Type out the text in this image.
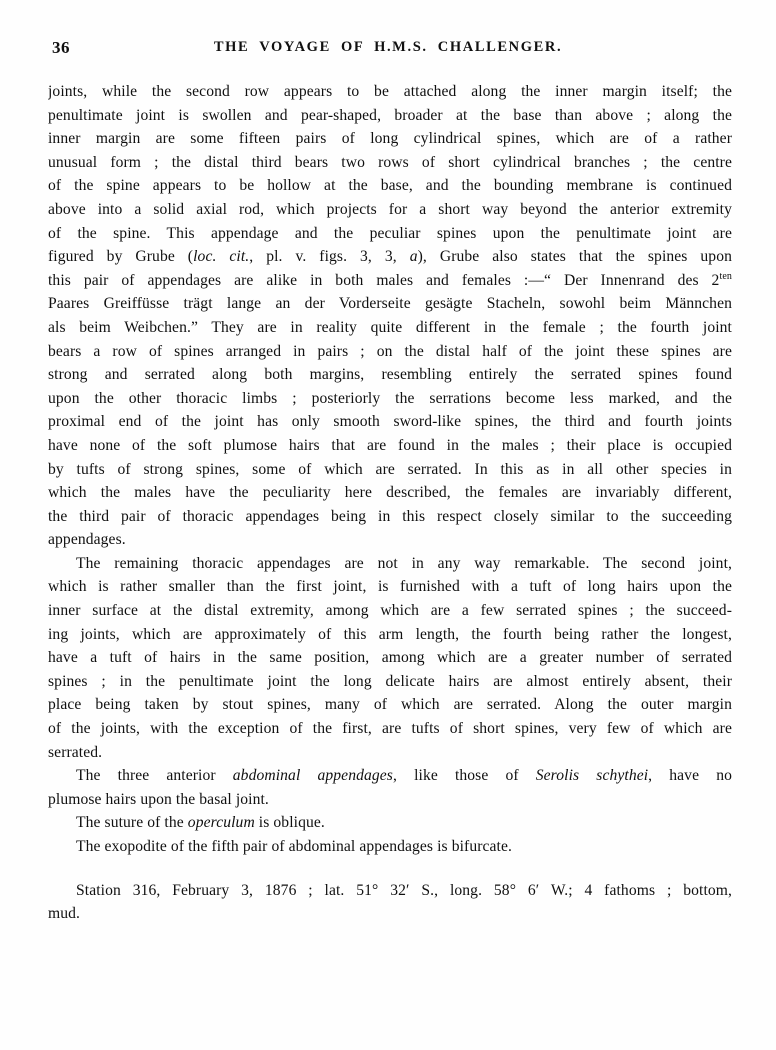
36	THE VOYAGE OF H.M.S. CHALLENGER.
joints, while the second row appears to be attached along the inner margin itself; the
penultimate joint is swollen and pear-shaped, broader at the base than above ; along the
inner margin are some fifteen pairs of long cylindrical spines, which are of a rather
unusual form ; the distal third bears two rows of short cylindrical branches ; the centre
of the spine appears to be hollow at the base, and the bounding membrane is continued
above into a solid axial rod, which projects for a short way beyond the anterior extremity
of the spine. This appendage and the peculiar spines upon the penultimate joint are
figured by Grube (loc. cit., pl. v. figs. 3, 3, a), Grube also states that the spines upon
this pair of appendages are alike in both males and females :—“ Der Innenrand des $2^{ten}$
Paares Greiffüsse trägt lange an der Vorderseite gesägte Stacheln, sowohl beim Männchen
als beim Weibchen.” They are in reality quite different in the female ; the fourth joint
bears a row of spines arranged in pairs ; on the distal half of the joint these spines are
strong and serrated along both margins, resembling entirely the serrated spines found
upon the other thoracic limbs ; posteriorly the serrations become less marked, and the
proximal end of the joint has only smooth sword-like spines, the third and fourth joints
have none of the soft plumose hairs that are found in the males ; their place is occupied
by tufts of strong spines, some of which are serrated. In this as in all other species in
which the males have the peculiarity here described, the females are invariably different,
the third pair of thoracic appendages being in this respect closely similar to the succeeding
appendages.
The remaining thoracic appendages are not in any way remarkable. The second joint,
which is rather smaller than the first joint, is furnished with a tuft of long hairs upon the
inner surface at the distal extremity, among which are a few serrated spines ; the succeed-
ing joints, which are approximately of this arm length, the fourth being rather the longest,
have a tuft of hairs in the same position, among which are a greater number of serrated
spines ; in the penultimate joint the long delicate hairs are almost entirely absent, their
place being taken by stout spines, many of which are serrated. Along the outer margin
of the joints, with the exception of the first, are tufts of short spines, very few of which are
serrated.
The three anterior abdominal appendages, like those of Serolis schythei, have no
plumose hairs upon the basal joint.
The suture of the operculum is oblique.
The exopodite of the fifth pair of abdominal appendages is bifurcate.
Station 316, February 3, 1876 ; lat. 51° 32′ S., long. 58° 6′ W.; 4 fathoms ; bottom,
mud.
